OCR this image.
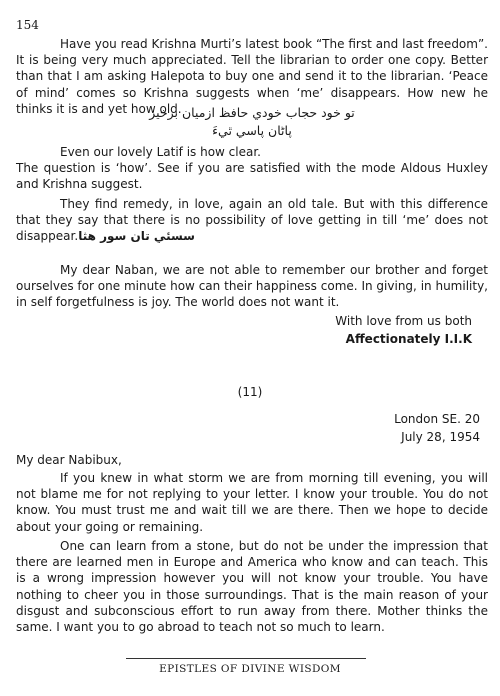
154

Have you read Krishna Murti’s latest book “The first and last freedom”. It is being very much appreciated. Tell the librarian to order one copy. Better than that I am asking Halepota to buy one and send it to the librarian. ‘Peace of mind’ comes so Krishna suggests when ‘me’ disappears. How new he thinks it is and yet how old.

تو خود حجاب خودي حافظ ازميان برخيز
پاڻان پاسي ٿيءَ

Even our lovely Latif is how clear.

The question is ‘how’. See if you are satisfied with the mode Aldous Huxley and Krishna suggest.

They find remedy, in love, again an old tale. But with this difference that they say that there is no possibility of love getting in till ‘me’ does not disappear.سسئي تان سور هثا

My dear Naban, we are not able to remember our brother and forget ourselves for one minute how can their happiness come. In giving, in humility, in self forgetfulness is joy. The world does not want it.

With love from us both
Affectionately I.I.K
(11)
London SE. 20
July 28, 1954

My dear Nabibux,

If you knew in what storm we are from morning till evening, you will not blame me for not replying to your letter. I know your trouble. You do not know. You must trust me and wait till we are there. Then we hope to decide about your going or remaining.

One can learn from a stone, but do not be under the impression that there are learned men in Europe and America who know and can teach. This is a wrong impression however you will not know your trouble. You have nothing to cheer you in those surroundings. That is the main reason of your disgust and subconscious effort to run away from there. Mother thinks the same. I want you to go abroad to teach not so much to learn.

EPISTLES OF DIVINE WISDOM
